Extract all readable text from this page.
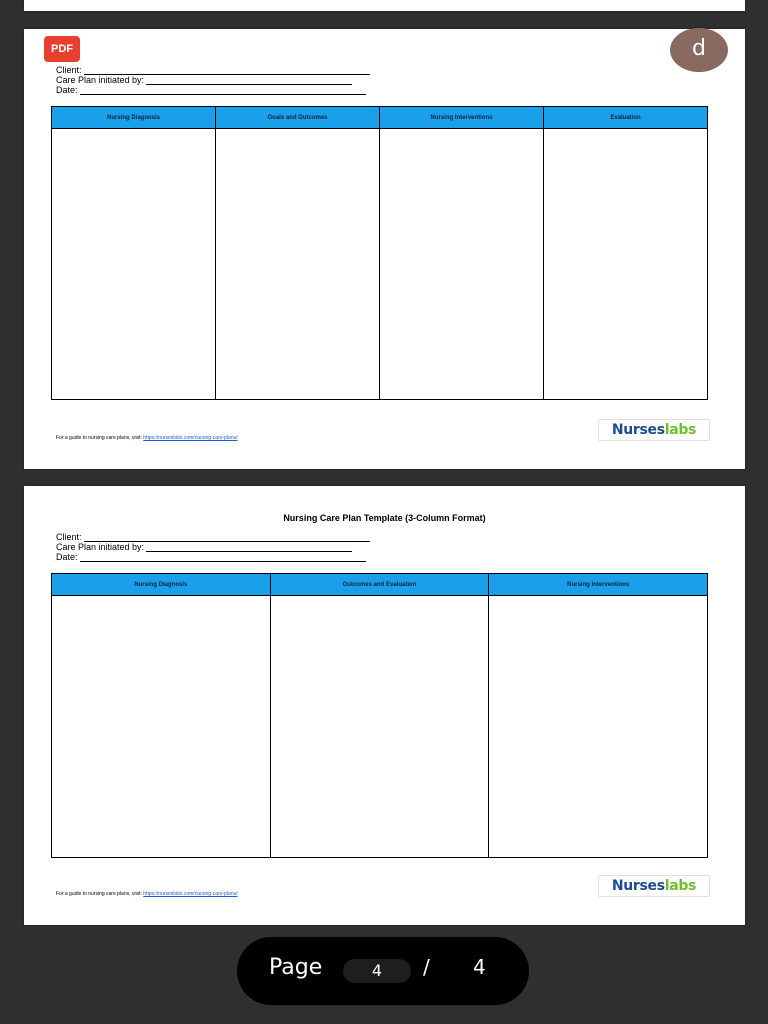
PDF
Client:
Care Plan initiated by:
Date:
Nursing Diagnosis	Goals and Outcomes	Nursing Interventions	Evaluation

For a guide to nursing care plans, visit: https://nurseslabs.com/nursing-care-plans/	Nurseslabs
d
Nursing Care Plan Template (3-Column Format)
Client:
Care Plan initiated by:
Date:
Nursing Diagnosis	Outcomes and Evaluation	Nursing Interventions

For a guide to nursing care plans, visit: https://nurseslabs.com/nursing-care-plans/	Nurseslabs
Page	4	/ 4
